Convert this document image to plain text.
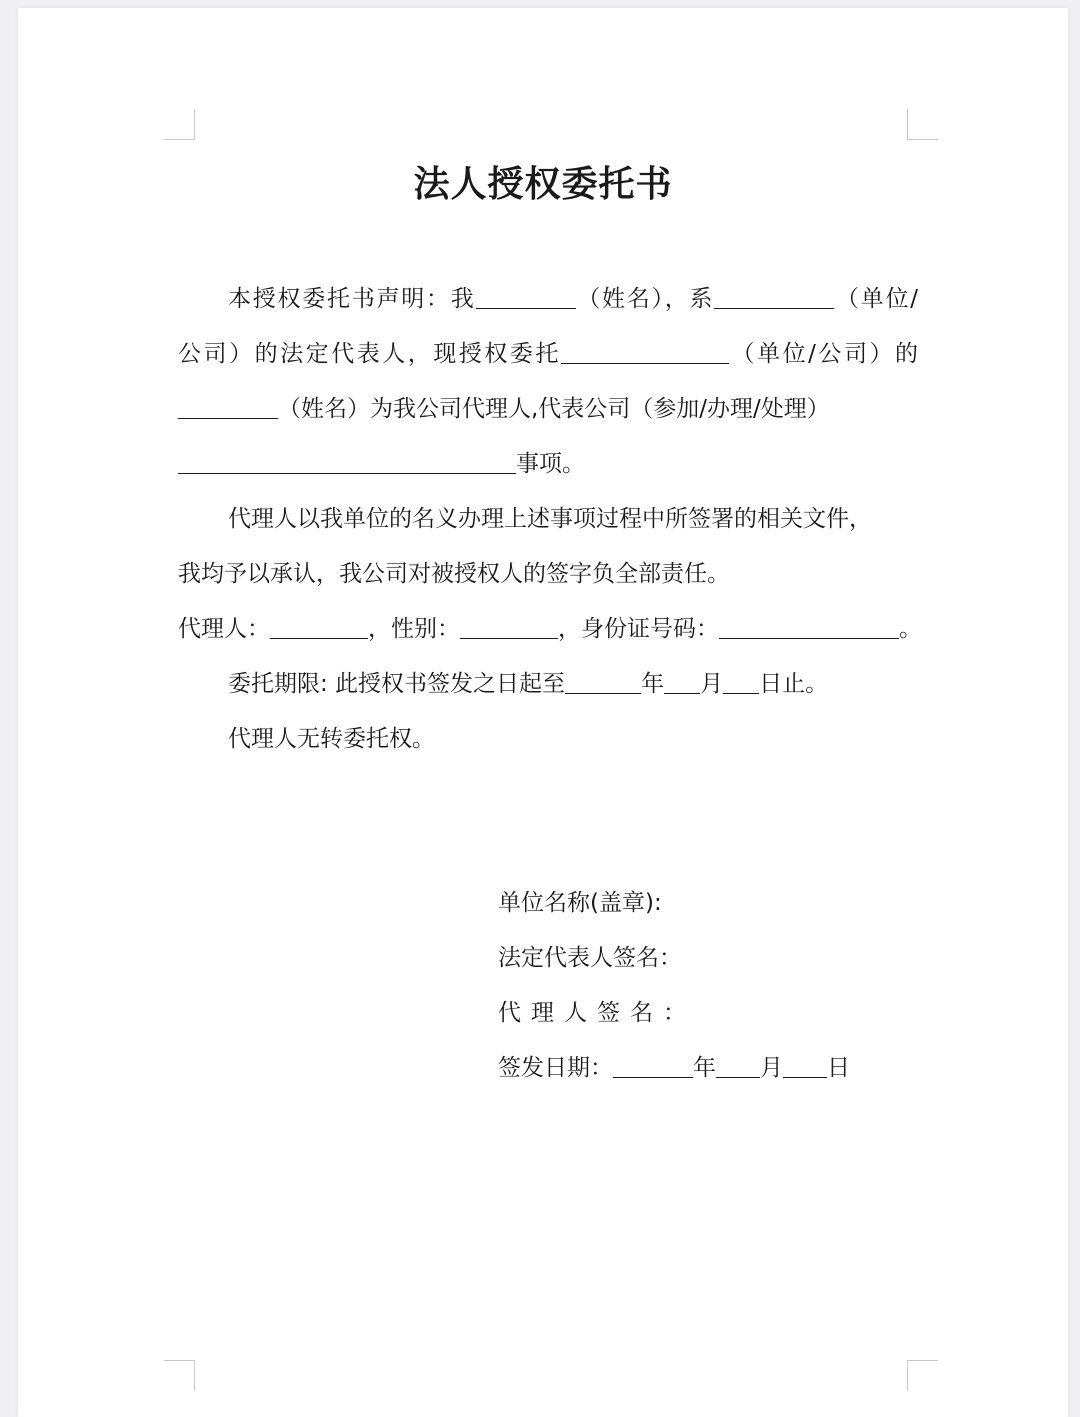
法人授权委托书
本授权委托书声明：我	（姓名），系	（单位/
公司）的法定代表人，现授权委托	（单位/公司）的
（姓名）为我公司代理人,代表公司（参加/办理/处理）
事项。
代理人以我单位的名义办理上述事项过程中所签署的相关文件，
我均予以承认，我公司对被授权人的签字负全部责任。
代理人：	，性别：	，身份证号码：	。
委托期限: 此授权书签发之日起至	年 月 日止。
代理人无转委托权。
单位名称(盖章):
法定代表人签名：
代理人签名：
签发日期：	年 月 日
